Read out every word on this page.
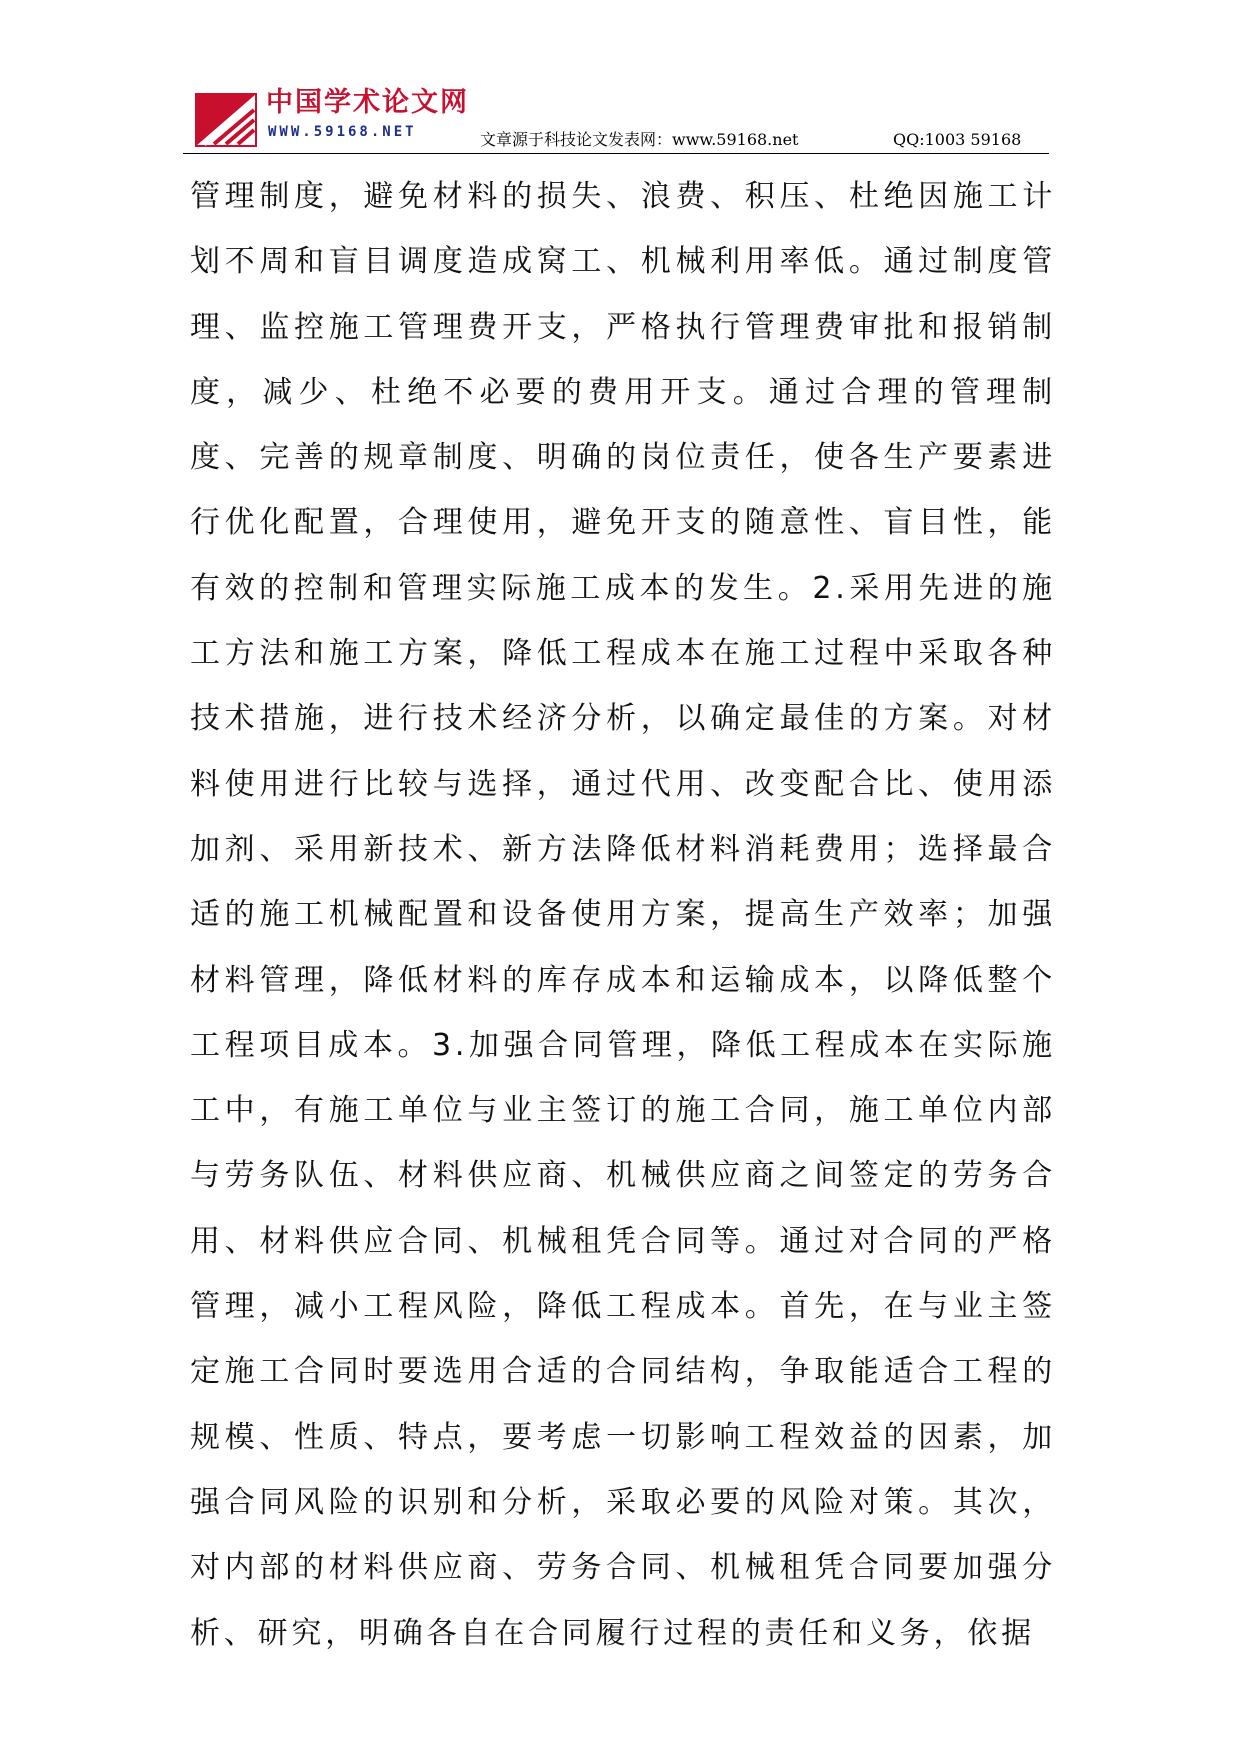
中国学术论文网
WWW.59168.NET	文章源于科技论文发表网：www.59168.net	QQ:1003 59168

管理制度，避免材料的损失、浪费、积压、杜绝因施工计划不周和盲目调度造成窝工、机械利用率低。通过制度管理、监控施工管理费开支，严格执行管理费审批和报销制度，减少、杜绝不必要的费用开支。通过合理的管理制度、完善的规章制度、明确的岗位责任，使各生产要素进行优化配置，合理使用，避免开支的随意性、盲目性，能有效的控制和管理实际施工成本的发生。2.采用先进的施工方法和施工方案，降低工程成本在施工过程中采取各种技术措施，进行技术经济分析，以确定最佳的方案。对材料使用进行比较与选择，通过代用、改变配合比、使用添加剂、采用新技术、新方法降低材料消耗费用；选择最合适的施工机械配置和设备使用方案，提高生产效率；加强材料管理，降低材料的库存成本和运输成本，以降低整个工程项目成本。3.加强合同管理，降低工程成本在实际施工中，有施工单位与业主签订的施工合同，施工单位内部与劳务队伍、材料供应商、机械供应商之间签定的劳务合用、材料供应合同、机械租凭合同等。通过对合同的严格管理，减小工程风险，降低工程成本。首先，在与业主签定施工合同时要选用合适的合同结构，争取能适合工程的规模、性质、特点，要考虑一切影响工程效益的因素，加强合同风险的识别和分析，采取必要的风险对策。其次，对内部的材料供应商、劳务合同、机械租凭合同要加强分析、研究，明确各自在合同履行过程的责任和义务，依据
